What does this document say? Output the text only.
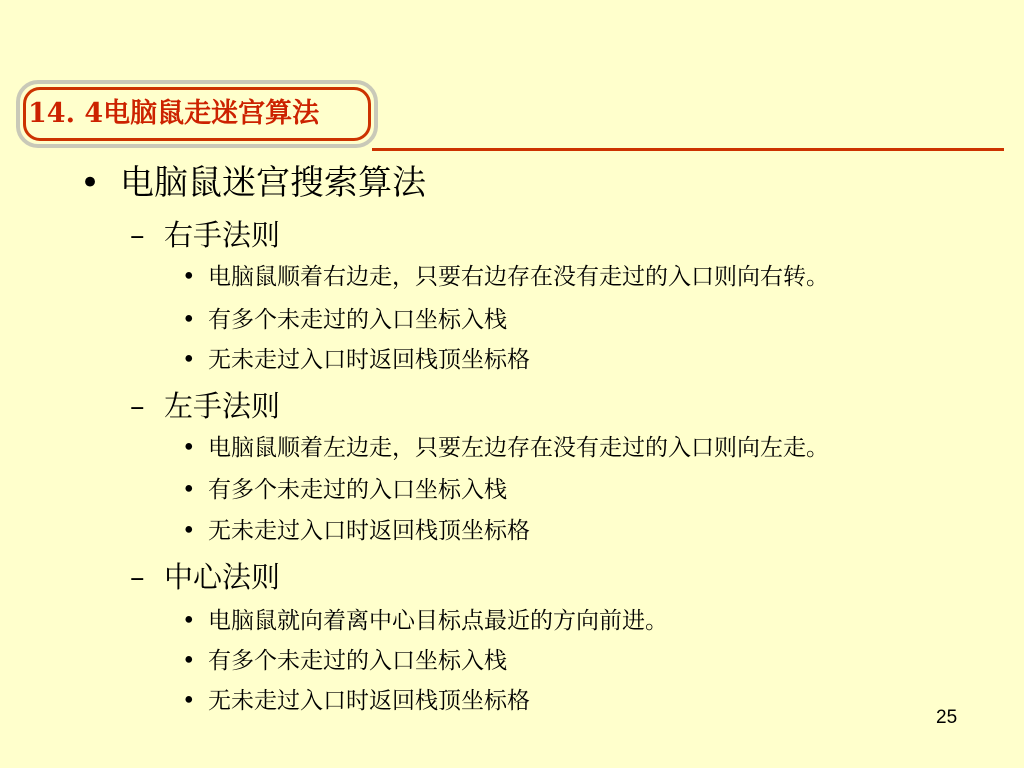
14. 4电脑鼠走迷宫算法
• 电脑鼠迷宫搜索算法
– 右手法则
• 电脑鼠顺着右边走，只要右边存在没有走过的入口则向右转。
• 有多个未走过的入口坐标入栈
• 无未走过入口时返回栈顶坐标格
– 左手法则
• 电脑鼠顺着左边走，只要左边存在没有走过的入口则向左走。
• 有多个未走过的入口坐标入栈
• 无未走过入口时返回栈顶坐标格
– 中心法则
• 电脑鼠就向着离中心目标点最近的方向前进。
• 有多个未走过的入口坐标入栈
• 无未走过入口时返回栈顶坐标格
25
